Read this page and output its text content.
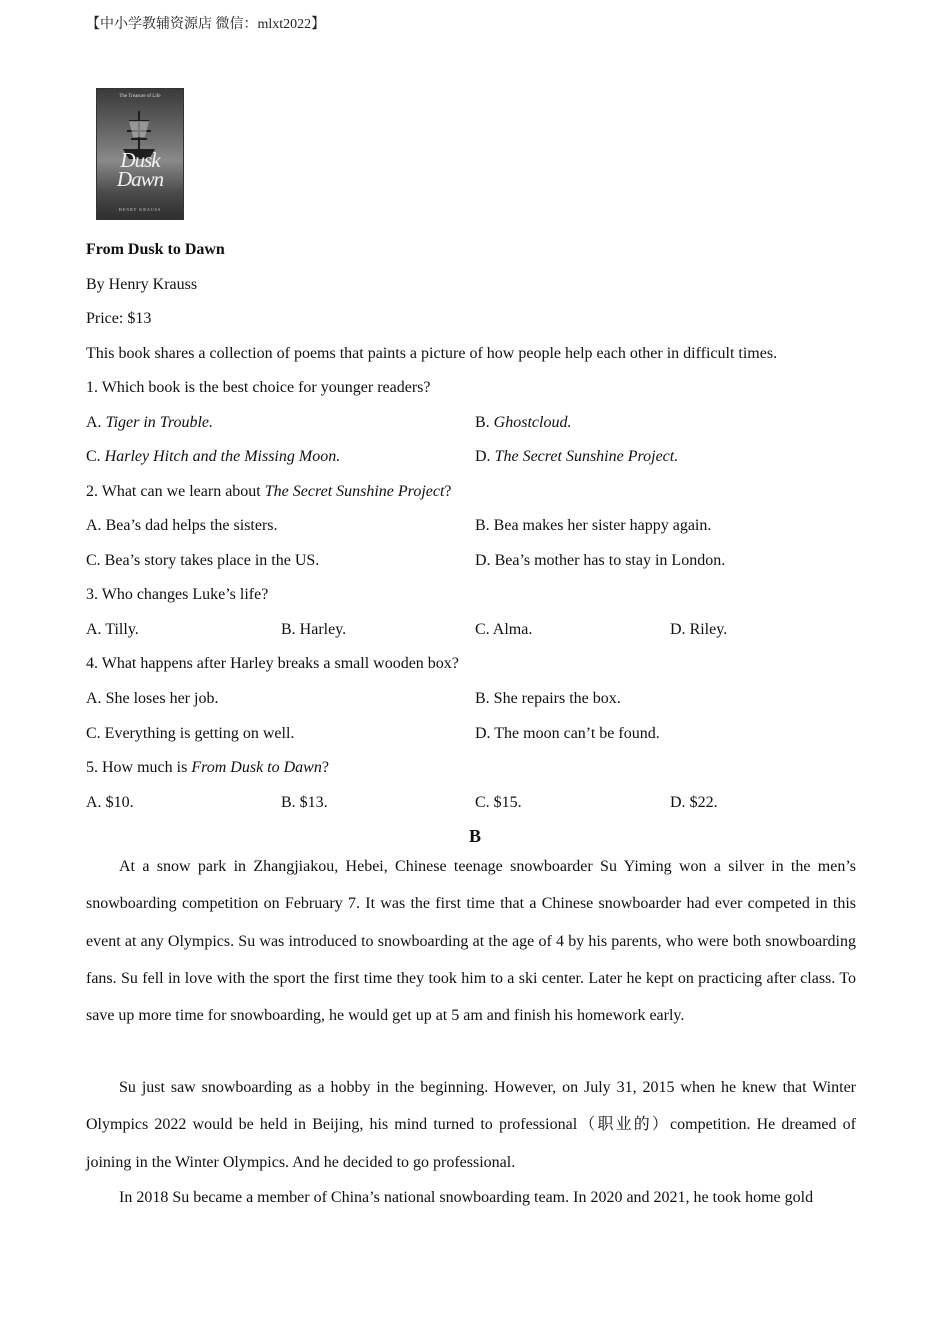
【中小学教辅资源店 微信：mlxt2022】
The Treasure of Life
Dusk
Dawn
HENRY KRAUSS
From Dusk to Dawn
By Henry Krauss
Price: $13
This book shares a collection of poems that paints a picture of how people help each other in difficult times.
1. Which book is the best choice for younger readers?
A. Tiger in Trouble.	B. Ghostcloud.
C. Harley Hitch and the Missing Moon.	D. The Secret Sunshine Project.
2. What can we learn about The Secret Sunshine Project?
A. Bea’s dad helps the sisters.	B. Bea makes her sister happy again.
C. Bea’s story takes place in the US.	D. Bea’s mother has to stay in London.
3. Who changes Luke’s life?
A. Tilly.	B. Harley.	C. Alma.	D. Riley.
4. What happens after Harley breaks a small wooden box?
A. She loses her job.	B. She repairs the box.
C. Everything is getting on well.	D. The moon can’t be found.
5. How much is From Dusk to Dawn?
A. $10.	B. $13.	C. $15.	D. $22.
B
At a snow park in Zhangjiakou, Hebei, Chinese teenage snowboarder Su Yiming won a silver in the men’s snowboarding competition on February 7. It was the first time that a Chinese snowboarder had ever competed in this event at any Olympics. Su was introduced to snowboarding at the age of 4 by his parents, who were both snowboarding fans. Su fell in love with the sport the first time they took him to a ski center. Later he kept on practicing after class. To save up more time for snowboarding, he would get up at 5 am and finish his homework early.
Su just saw snowboarding as a hobby in the beginning. However, on July 31, 2015 when he knew that Winter Olympics 2022 would be held in Beijing, his mind turned to professional（职业的）competition. He dreamed of joining in the Winter Olympics. And he decided to go professional.
In 2018 Su became a member of China’s national snowboarding team. In 2020 and 2021, he took home gold
